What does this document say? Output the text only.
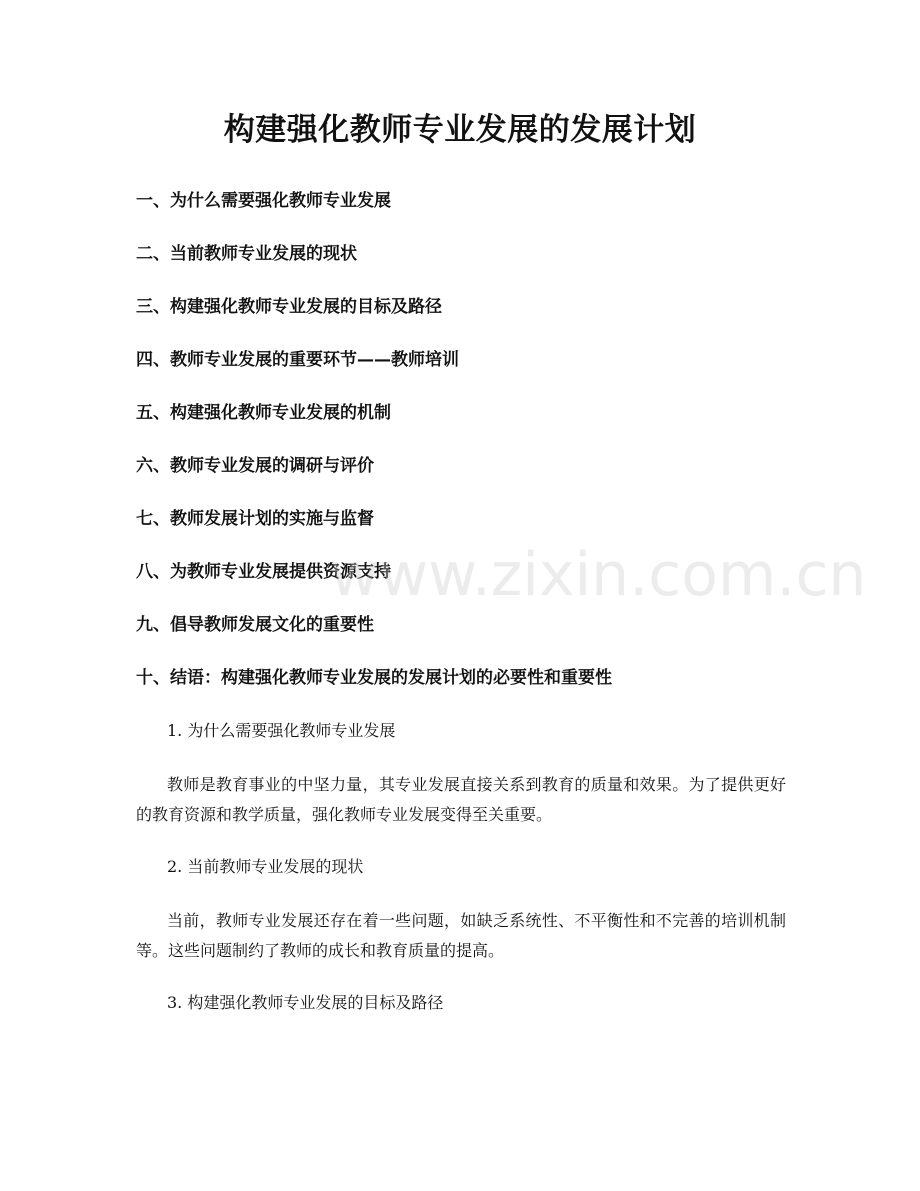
构建强化教师专业发展的发展计划
一、为什么需要强化教师专业发展
二、当前教师专业发展的现状
三、构建强化教师专业发展的目标及路径
四、教师专业发展的重要环节——教师培训
五、构建强化教师专业发展的机制
六、教师专业发展的调研与评价
七、教师发展计划的实施与监督
八、为教师专业发展提供资源支持
九、倡导教师发展文化的重要性
十、结语：构建强化教师专业发展的发展计划的必要性和重要性
1. 为什么需要强化教师专业发展

教师是教育事业的中坚力量，其专业发展直接关系到教育的质量和效果。为了提供更好的教育资源和教学质量，强化教师专业发展变得至关重要。

2. 当前教师专业发展的现状

当前，教师专业发展还存在着一些问题，如缺乏系统性、不平衡性和不完善的培训机制等。这些问题制约了教师的成长和教育质量的提高。

3. 构建强化教师专业发展的目标及路径
www.zixin.com.cn
